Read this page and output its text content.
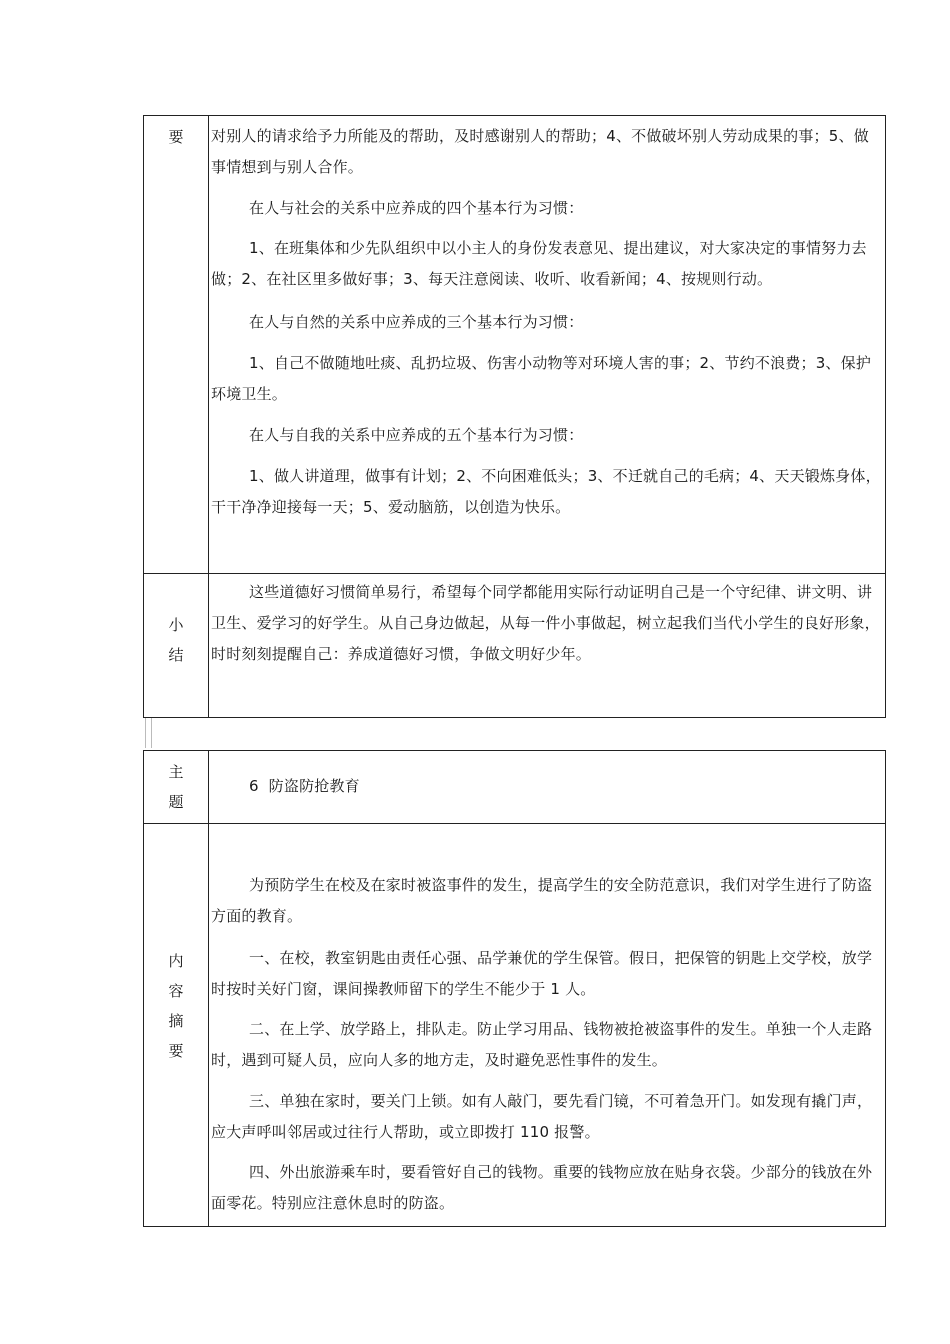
要	对别人的请求给予力所能及的帮助，及时感谢别人的帮助；4、不做破坏别人劳动成果的事；5、做事情想到与别人合作。

在人与社会的关系中应养成的四个基本行为习惯：

1、在班集体和少先队组织中以小主人的身份发表意见、提出建议，对大家决定的事情努力去做；2、在社区里多做好事；3、每天注意阅读、收听、收看新闻；4、按规则行动。

在人与自然的关系中应养成的三个基本行为习惯：

1、自己不做随地吐痰、乱扔垃圾、伤害小动物等对环境人害的事；2、节约不浪费；3、保护环境卫生。

在人与自我的关系中应养成的五个基本行为习惯：

1、做人讲道理，做事有计划；2、不向困难低头；3、不迁就自己的毛病；4、天天锻炼身体，干干净净迎接每一天；5、爱动脑筋，以创造为快乐。

小
结

这些道德好习惯简单易行，希望每个同学都能用实际行动证明自己是一个守纪律、讲文明、讲卫生、爱学习的好学生。从自己身边做起，从每一件小事做起，树立起我们当代小学生的良好形象，时时刻刻提醒自己：养成道德好习惯，争做文明好少年。

主
题

6  防盗防抢教育

内
容
摘
要

为预防学生在校及在家时被盗事件的发生，提高学生的安全防范意识，我们对学生进行了防盗方面的教育。

一、在校，教室钥匙由责任心强、品学兼优的学生保管。假日，把保管的钥匙上交学校，放学时按时关好门窗，课间操教师留下的学生不能少于 1 人。

二、在上学、放学路上，排队走。防止学习用品、钱物被抢被盗事件的发生。单独一个人走路时，遇到可疑人员，应向人多的地方走，及时避免恶性事件的发生。

三、单独在家时，要关门上锁。如有人敲门，要先看门镜，不可着急开门。如发现有撬门声，应大声呼叫邻居或过往行人帮助，或立即拨打 110 报警。

四、外出旅游乘车时，要看管好自己的钱物。重要的钱物应放在贴身衣袋。少部分的钱放在外面零花。特别应注意休息时的防盗。
